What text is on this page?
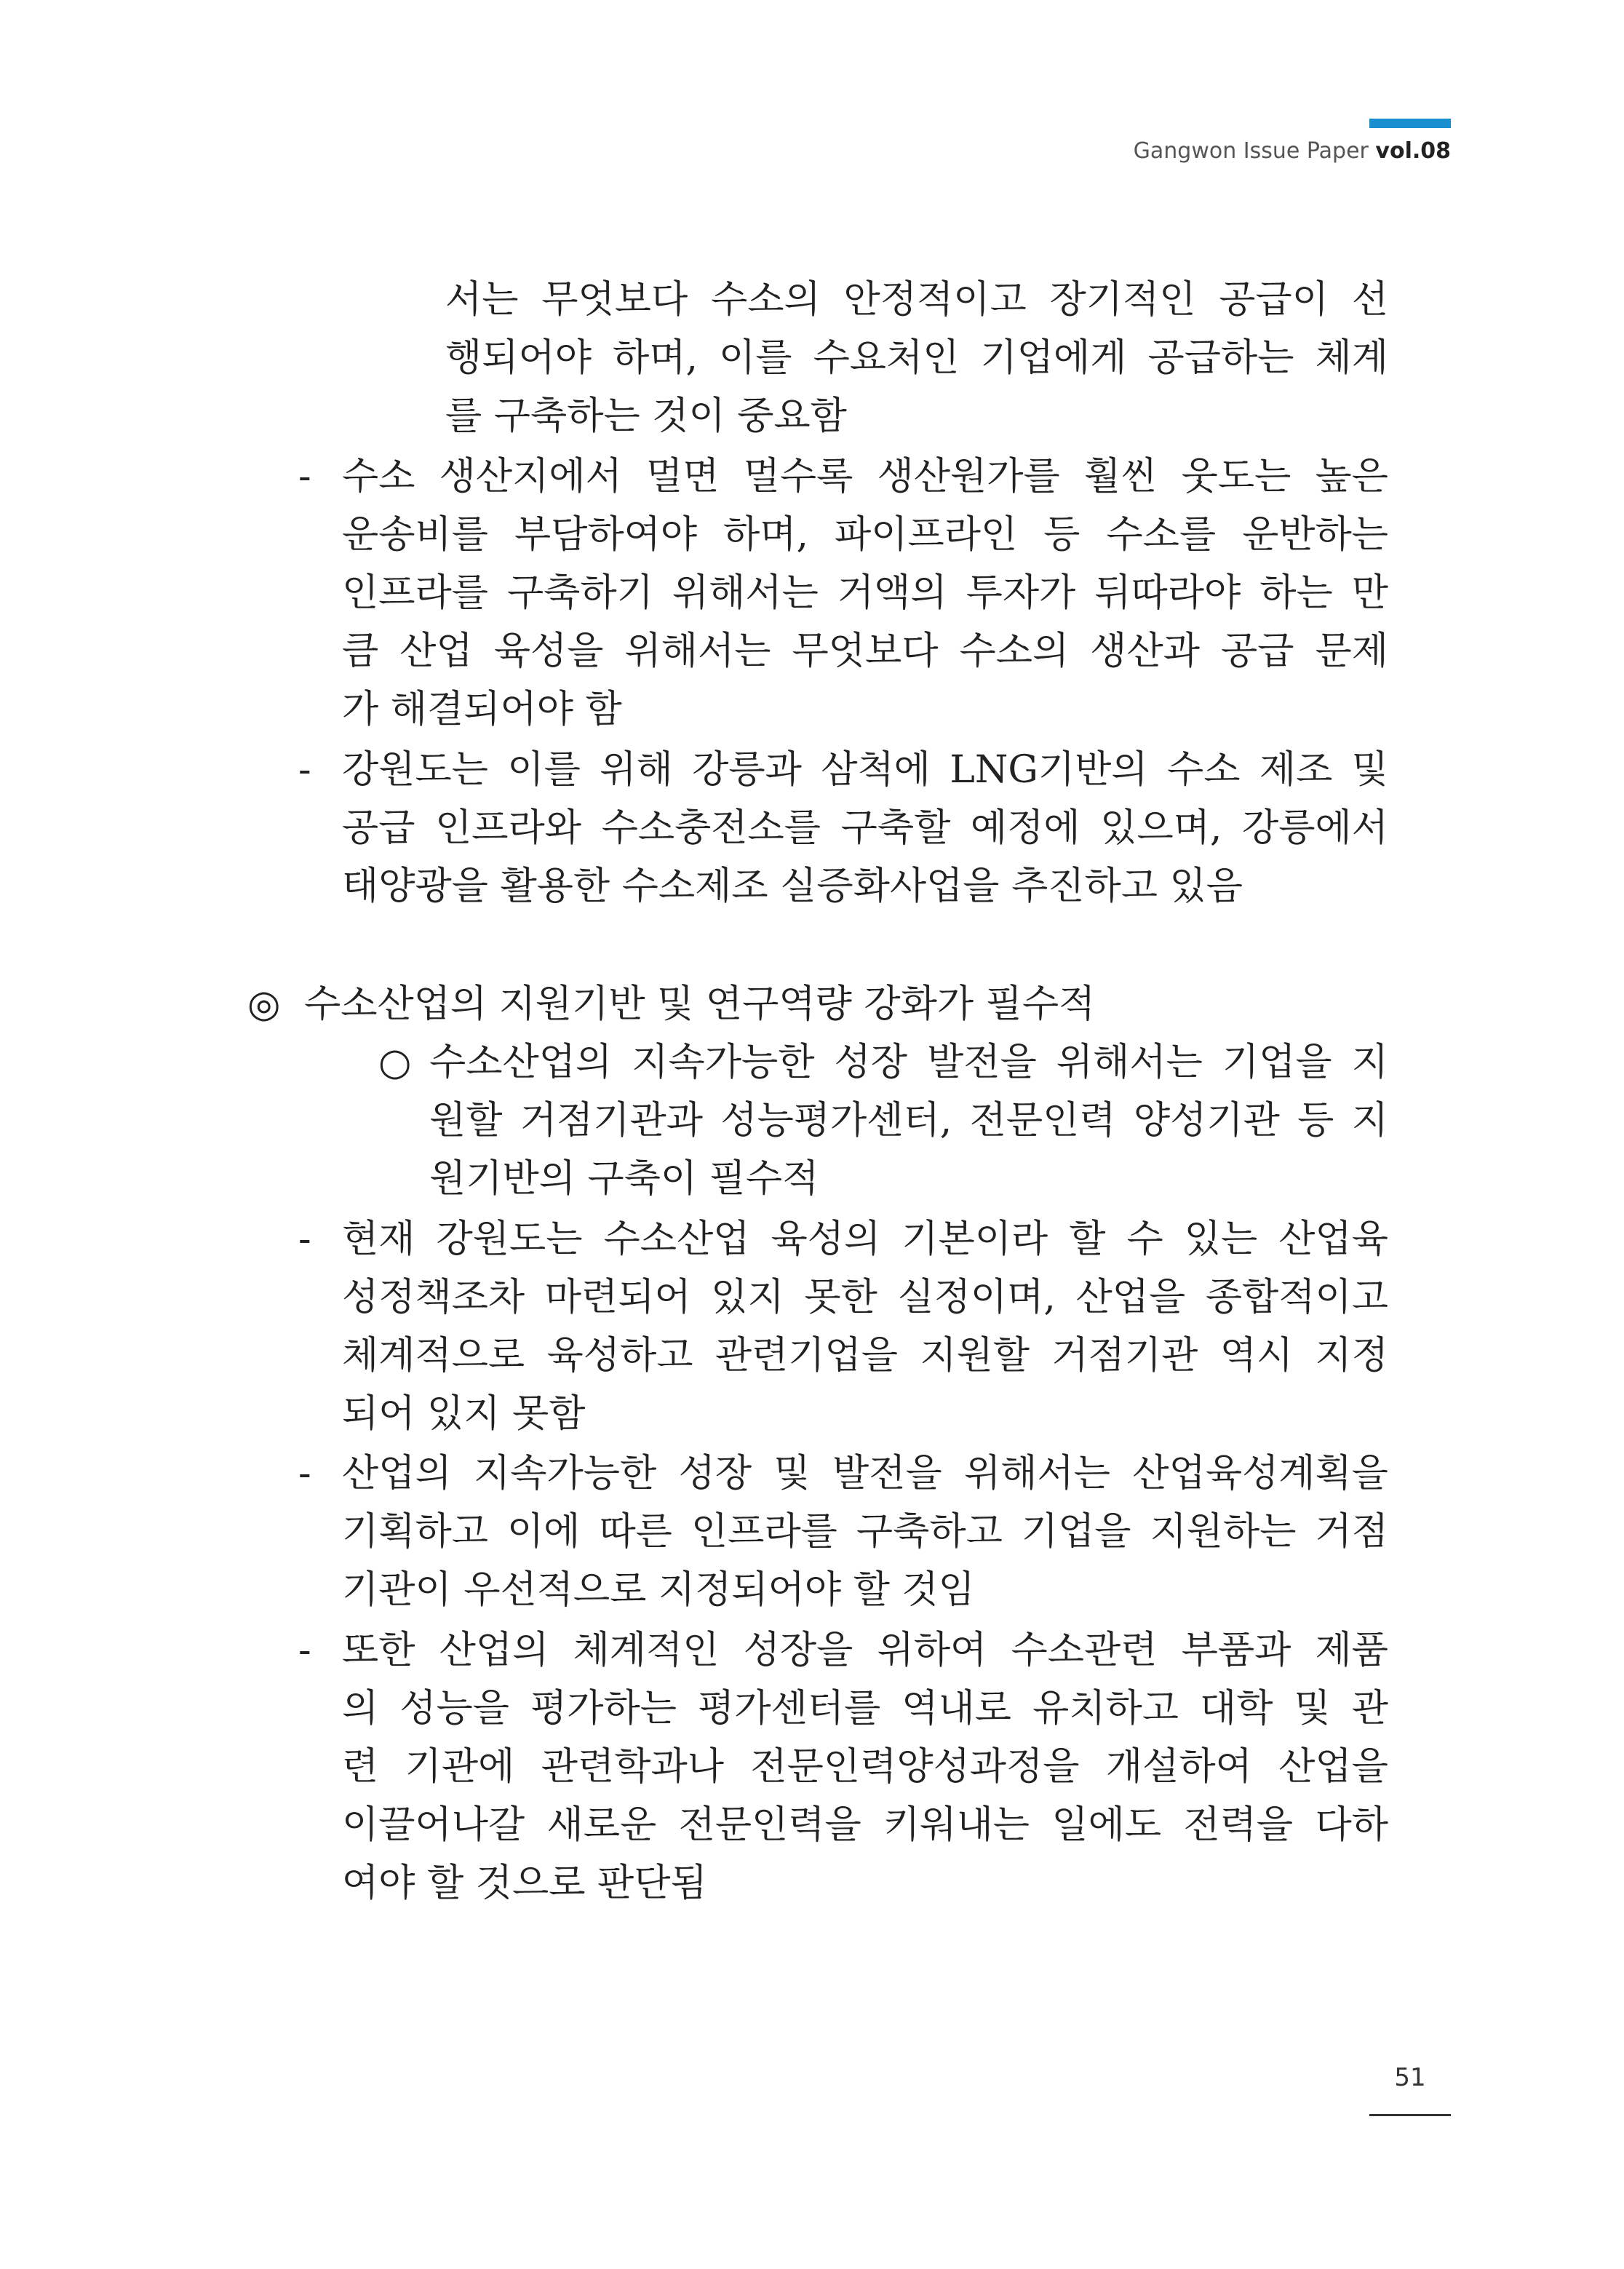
Gangwon Issue Paper vol.08
서는 무엇보다 수소의 안정적이고 장기적인 공급이 선
행되어야 하며, 이를 수요처인 기업에게 공급하는 체계
를 구축하는 것이 중요함
- 수소 생산지에서 멀면 멀수록 생산원가를 훨씬 웃도는 높은
운송비를 부담하여야 하며, 파이프라인 등 수소를 운반하는
인프라를 구축하기 위해서는 거액의 투자가 뒤따라야 하는 만
큼 산업 육성을 위해서는 무엇보다 수소의 생산과 공급 문제
가 해결되어야 함
- 강원도는 이를 위해 강릉과 삼척에 LNG기반의 수소 제조 및
공급 인프라와 수소충전소를 구축할 예정에 있으며, 강릉에서
태양광을 활용한 수소제조 실증화사업을 추진하고 있음
◎ 수소산업의 지원기반 및 연구역량 강화가 필수적
○ 수소산업의 지속가능한 성장 발전을 위해서는 기업을 지
원할 거점기관과 성능평가센터, 전문인력 양성기관 등 지
원기반의 구축이 필수적
- 현재 강원도는 수소산업 육성의 기본이라 할 수 있는 산업육
성정책조차 마련되어 있지 못한 실정이며, 산업을 종합적이고
체계적으로 육성하고 관련기업을 지원할 거점기관 역시 지정
되어 있지 못함
- 산업의 지속가능한 성장 및 발전을 위해서는 산업육성계획을
기획하고 이에 따른 인프라를 구축하고 기업을 지원하는 거점
기관이 우선적으로 지정되어야 할 것임
- 또한 산업의 체계적인 성장을 위하여 수소관련 부품과 제품
의 성능을 평가하는 평가센터를 역내로 유치하고 대학 및 관
련 기관에 관련학과나 전문인력양성과정을 개설하여 산업을
이끌어나갈 새로운 전문인력을 키워내는 일에도 전력을 다하
여야 할 것으로 판단됨
51
